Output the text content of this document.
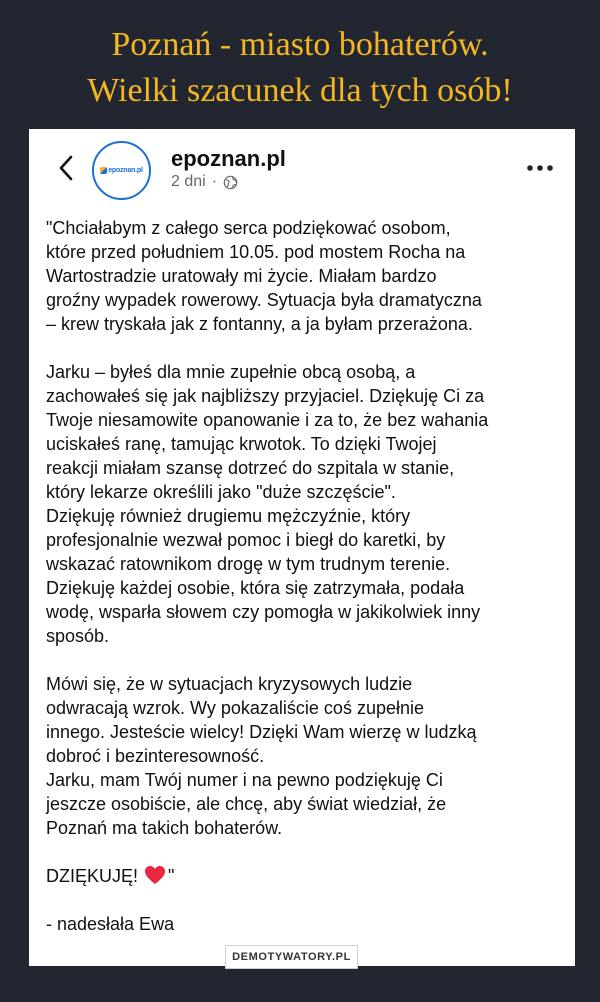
Poznań - miasto bohaterów.
Wielki szacunek dla tych osób!
epoznan.pl epoznan.pl
2 dni ·
"Chciałabym z całego serca podziękować osobom,
które przed południem 10.05. pod mostem Rocha na
Wartostradzie uratowały mi życie. Miałam bardzo
groźny wypadek rowerowy. Sytuacja była dramatyczna
– krew tryskała jak z fontanny, a ja byłam przerażona.
Jarku – byłeś dla mnie zupełnie obcą osobą, a
zachowałeś się jak najbliższy przyjaciel. Dziękuję Ci za
Twoje niesamowite opanowanie i za to, że bez wahania
uciskałeś ranę, tamując krwotok. To dzięki Twojej
reakcji miałam szansę dotrzeć do szpitala w stanie,
który lekarze określili jako "duże szczęście".
Dziękuję również drugiemu mężczyźnie, który
profesjonalnie wezwał pomoc i biegł do karetki, by
wskazać ratownikom drogę w tym trudnym terenie.
Dziękuję każdej osobie, która się zatrzymała, podała
wodę, wsparła słowem czy pomogła w jakikolwiek inny
sposób.
Mówi się, że w sytuacjach kryzysowych ludzie
odwracają wzrok. Wy pokazaliście coś zupełnie
innego. Jesteście wielcy! Dzięki Wam wierzę w ludzką
dobroć i bezinteresowność.
Jarku, mam Twój numer i na pewno podziękuję Ci
jeszcze osobiście, ale chcę, aby świat wiedział, że
Poznań ma takich bohaterów.
DZIĘKUJĘ! "
- nadesłała Ewa
DEMOTYWATORY.PL
